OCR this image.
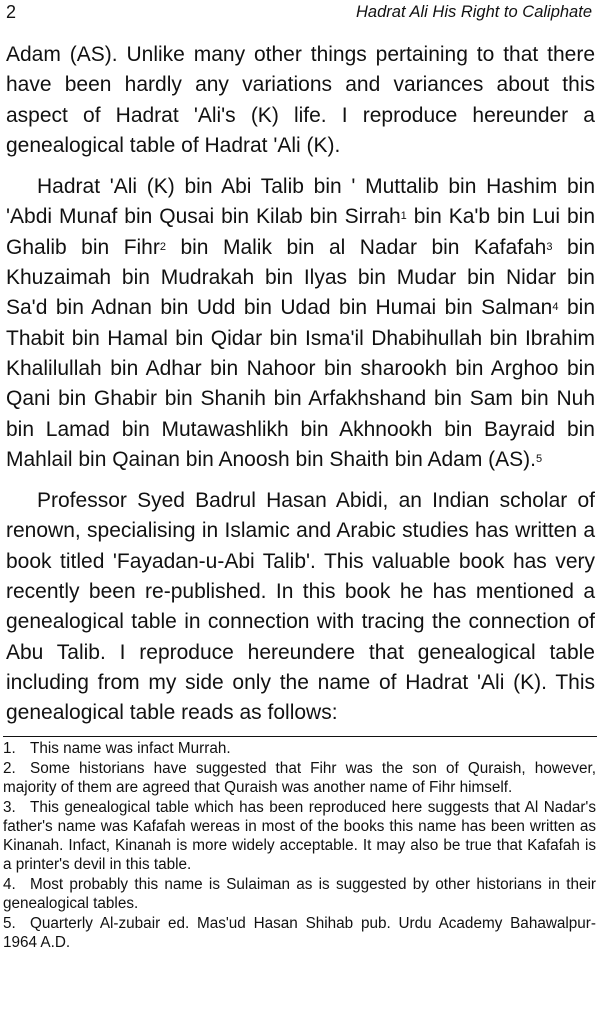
2	Hadrat Ali His Right to Caliphate

Adam (AS). Unlike many other things pertaining to that there have been hardly any variations and variances about this aspect of Hadrat 'Ali's (K) life. I reproduce hereunder a genealogical table of Hadrat 'Ali (K).

Hadrat 'Ali (K) bin Abi Talib bin ' Muttalib bin Hashim bin 'Abdi Munaf bin Qusai bin Kilab bin Sirrah$^1$ bin Ka'b bin Lui bin Ghalib bin Fihr$^2$ bin Malik bin al Nadar bin Kafafah$^3$ bin Khuzaimah bin Mudrakah bin Ilyas bin Mudar bin Nidar bin Sa'd bin Adnan bin Udd bin Udad bin Humai bin Salman$^4$ bin Thabit bin Hamal bin Qidar bin Isma'il Dhabihullah bin Ibrahim Khalilullah bin Adhar bin Nahoor bin sharookh bin Arghoo bin Qani bin Ghabir bin Shanih bin Arfakhshand bin Sam bin Nuh bin Lamad bin Mutawashlikh bin Akhnookh bin Bayraid bin Mahlail bin Qainan bin Anoosh bin Shaith bin Adam (AS).$^5$

Professor Syed Badrul Hasan Abidi, an Indian scholar of renown, specialising in Islamic and Arabic studies has written a book titled 'Fayadan-u-Abi Talib'. This valuable book has very recently been re-published. In this book he has mentioned a genealogical table in connection with tracing the connection of Abu Talib. I reproduce hereundere that genealogical table including from my side only the name of Hadrat 'Ali (K). This genealogical table reads as follows:

1. This name was infact Murrah.

2. Some historians have suggested that Fihr was the son of Quraish, however, majority of them are agreed that Quraish was another name of Fihr himself.

3. This genealogical table which has been reproduced here suggests that Al Nadar's father's name was Kafafah wereas in most of the books this name has been written as Kinanah. Infact, Kinanah is more widely acceptable. It may also be true that Kafafah is a printer's devil in this table.

4. Most probably this name is Sulaiman as is suggested by other historians in their genealogical tables.

5. Quarterly Al-zubair ed. Mas'ud Hasan Shihab pub. Urdu Academy Bahawalpur-1964 A.D.
